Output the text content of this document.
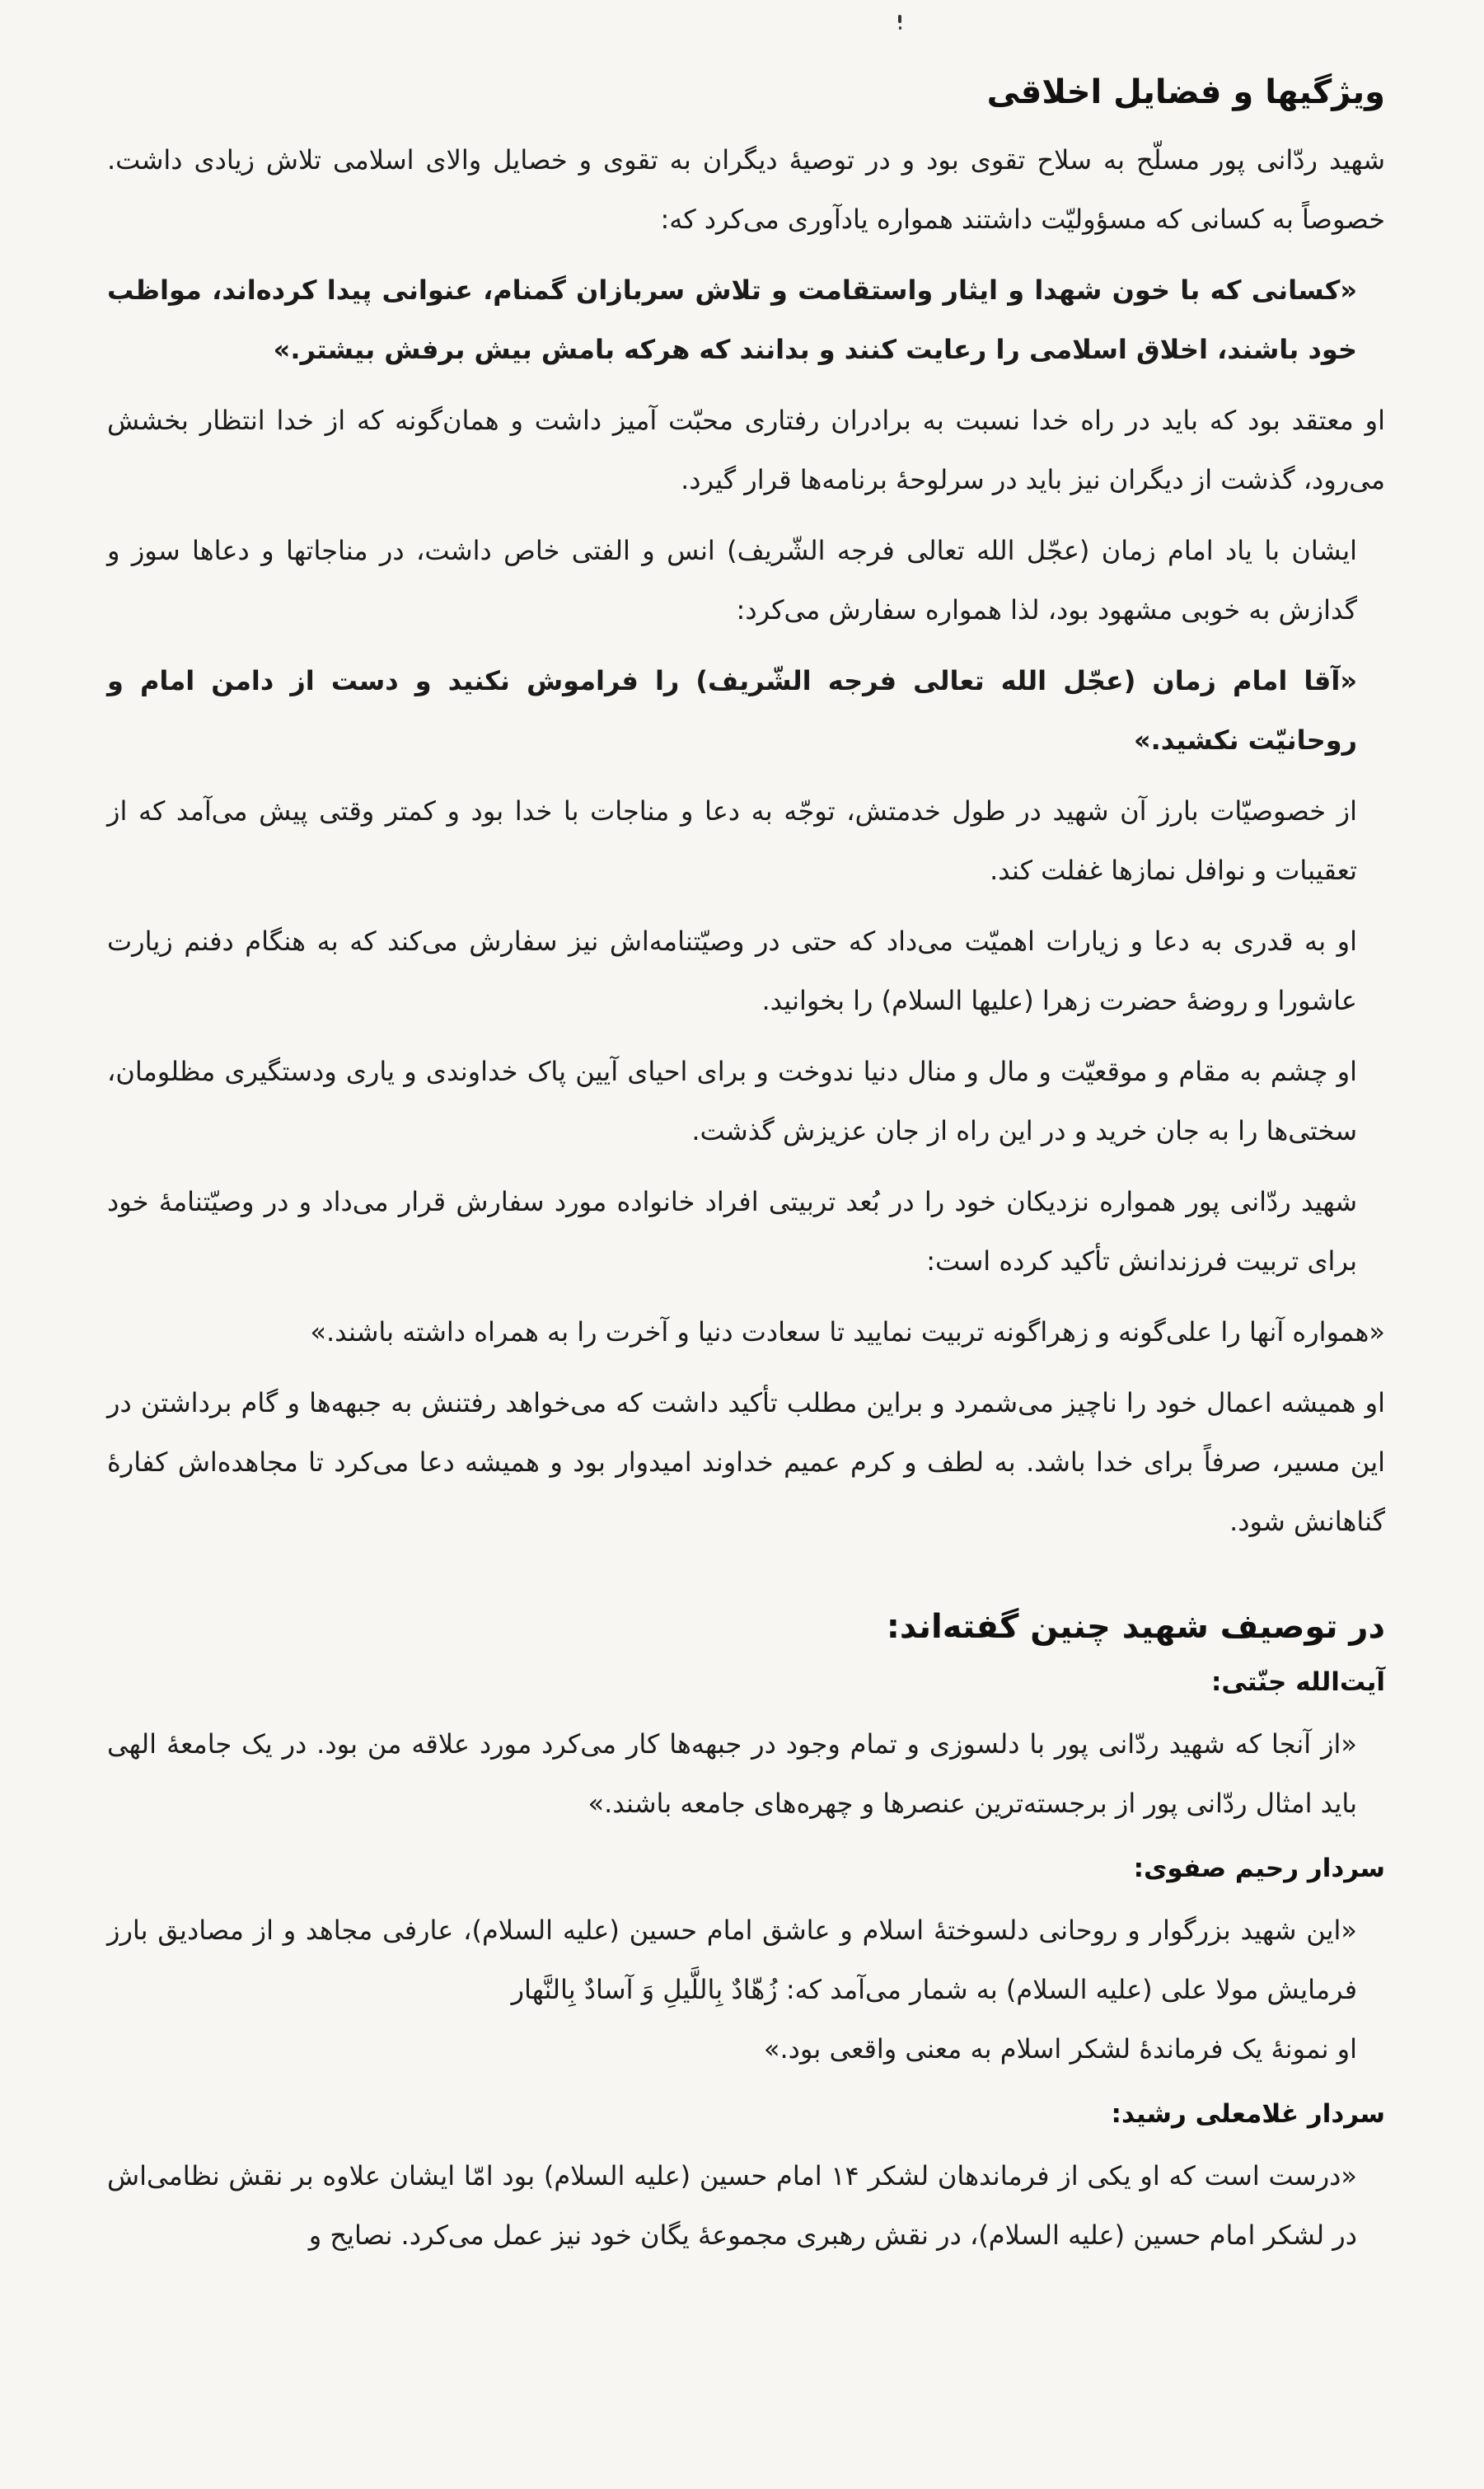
ویژگیها و فضایل اخلاقی

شهید ردّانی پور مسلّح به سلاح تقوی بود و در توصیهٔ دیگران به تقوی و خصایل والای اسلامی تلاش زیادی داشت. خصوصاً به کسانی که مسؤولیّت داشتند همواره یادآوری می‌کرد که:

«کسانی که با خون شهدا و ایثار واستقامت و تلاش سربازان گمنام، عنوانی پیدا کرده‌اند، مواظب خود باشند، اخلاق اسلامی را رعایت کنند و بدانند که هرکه بامش بیش برفش بیشتر.»

او معتقد بود که باید در راه خدا نسبت به برادران رفتاری محبّت آمیز داشت و همان‌گونه که از خدا انتظار بخشش می‌رود، گذشت از دیگران نیز باید در سرلوحهٔ برنامه‌ها قرار گیرد.

ایشان با یاد امام زمان (عجّل الله تعالی فرجه الشّریف) انس و الفتی خاص داشت، در مناجاتها و دعاها سوز و گدازش به خوبی مشهود بود، لذا همواره سفارش می‌کرد:

«آقا امام زمان (عجّل الله تعالی فرجه الشّریف) را فراموش نکنید و دست از دامن امام و روحانیّت نکشید.»

از خصوصیّات بارز آن شهید در طول خدمتش، توجّه به دعا و مناجات با خدا بود و کمتر وقتی پیش می‌آمد که از تعقیبات و نوافل نمازها غفلت کند.

او به قدری به دعا و زیارات اهمیّت می‌داد که حتی در وصیّتنامه‌اش نیز سفارش می‌کند که به هنگام دفنم زیارت عاشورا و روضهٔ حضرت زهرا (علیها السلام) را بخوانید.

او چشم به مقام و موقعیّت و مال و منال دنیا ندوخت و برای احیای آیین پاک خداوندی و یاری ودستگیری مظلومان، سختی‌ها را به جان خرید و در این راه از جان عزیزش گذشت.

شهید ردّانی پور همواره نزدیکان خود را در بُعد تربیتی افراد خانواده مورد سفارش قرار می‌داد و در وصیّتنامهٔ خود برای تربیت فرزندانش تأکید کرده است:

«همواره آنها را علی‌گونه و زهراگونه تربیت نمایید تا سعادت دنیا و آخرت را به همراه داشته باشند.»

او همیشه اعمال خود را ناچیز می‌شمرد و براین مطلب تأکید داشت که می‌خواهد رفتنش به جبهه‌ها و گام برداشتن در این مسیر، صرفاً برای خدا باشد. به لطف و کرم عمیم خداوند امیدوار بود و همیشه دعا می‌کرد تا مجاهده‌اش کفارهٔ گناهانش شود.

در توصیف شهید چنین گفته‌اند:
آیت‌الله جنّتی:

«از آنجا که شهید ردّانی پور با دلسوزی و تمام وجود در جبهه‌ها کار می‌کرد مورد علاقه من بود. در یک جامعهٔ الهی باید امثال ردّانی پور از برجسته‌ترین عنصرها و چهره‌های جامعه باشند.»

سردار رحیم صفوی:

«این شهید بزرگوار و روحانی دلسوختهٔ اسلام و عاشق امام حسین (علیه السلام)، عارفی مجاهد و از مصادیق بارز فرمایش مولا علی (علیه السلام) به شمار می‌آمد که: زُهّادٌ بِاللَّیلِ وَ آسادٌ بِالنَّهار

او نمونهٔ یک فرماندهٔ لشکر اسلام به معنی واقعی بود.»

سردار غلامعلی رشید:

«درست است که او یکی از فرماندهان لشکر ۱۴ امام حسین (علیه السلام) بود امّا ایشان علاوه بر نقش نظامی‌اش در لشکر امام حسین (علیه السلام)، در نقش رهبری مجموعهٔ یگان خود نیز عمل می‌کرد. نصایح و
